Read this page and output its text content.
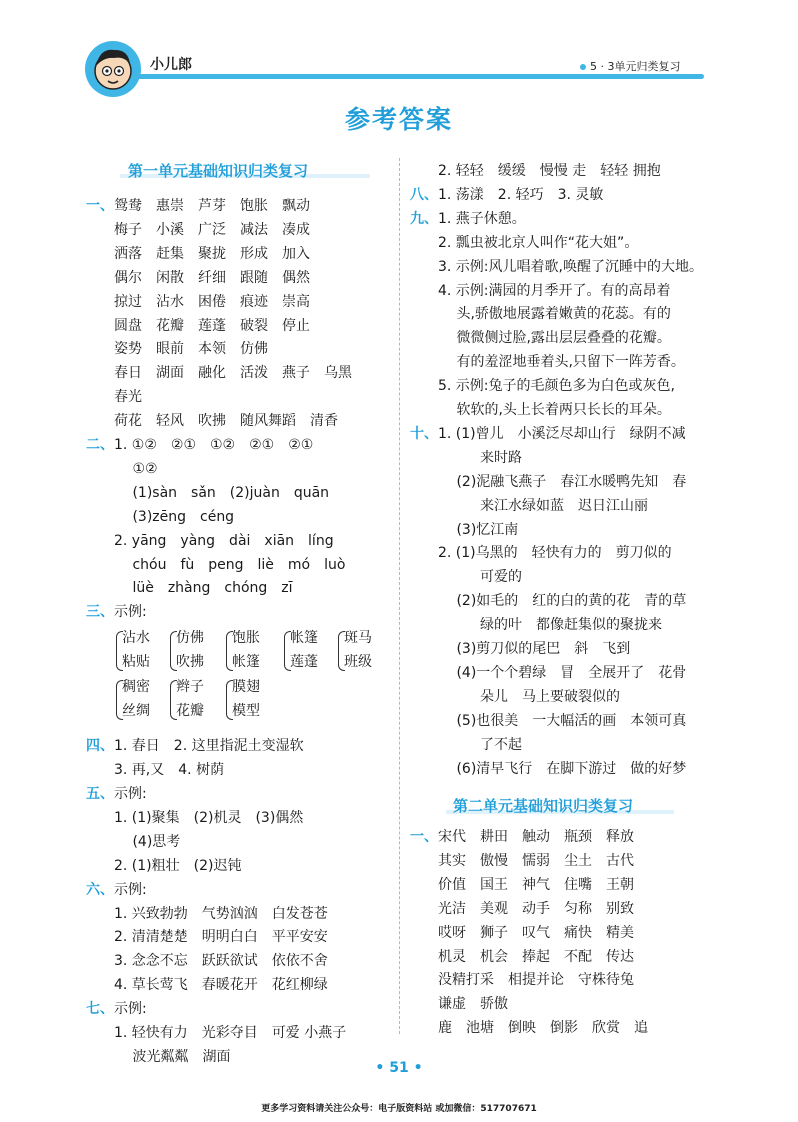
小儿郎	5 · 3单元归类复习
参考答案
第一单元基础知识归类复习
第二单元基础知识归类复习
一、 鸳鸯　惠崇　芦芽　饱胀　飘动
梅子　小溪　广泛　减法　凑成
洒落　赶集　聚拢　形成　加入
偶尔　闲散　纤细　跟随　偶然
掠过　沾水　困倦　痕迹　崇高
圆盘　花瓣　莲蓬　破裂　停止
姿势　眼前　本领　仿佛
春日　湖面　融化　活泼　燕子　乌黑
春光
荷花　轻风　吹拂　随风舞蹈　清香
二、 1. ①②　②①　①②　②①　②①
　 ①②
　 (1)sàn　sǎn　(2)juàn　quān
　 (3)zēng　céng
2. yāng　yàng　dài　xiān　líng
　 chóu　fù　peng　liè　mó　luò
　 lüè　zhàng　chóng　zī
三、 示例:
四、 1. 春日　2. 这里指泥土变湿软
3. 再,又　4. 树荫
五、 示例:
1. (1)聚集　(2)机灵　(3)偶然
　 (4)思考
2. (1)粗壮　(2)迟钝
六、 示例:
1. 兴致勃勃　气势汹汹　白发苍苍
2. 清清楚楚　明明白白　平平安安
3. 念念不忘　跃跃欲试　依依不舍
4. 草长莺飞　春暖花开　花红柳绿
七、 示例:
1. 轻快有力　光彩夺目　可爱 小燕子
　 波光粼粼　湖面
沾水
粘贴
仿佛
吹拂
饱胀
帐篷
帐篷
莲蓬
斑马
班级
稠密
丝绸
辫子
花瓣
膜翅
模型
2. 轻轻　缓缓　慢慢 走　轻轻 拥抱
八、 1. 荡漾　2. 轻巧　3. 灵敏
九、 1. 燕子休憩。
2. 瓢虫被北京人叫作“花大姐”。
3. 示例:风儿唱着歌,唤醒了沉睡中的大地。
4. 示例:满园的月季开了。有的高昂着
　 头,骄傲地展露着嫩黄的花蕊。有的
　 微微侧过脸,露出层层叠叠的花瓣。
　 有的羞涩地垂着头,只留下一阵芳香。
5. 示例:兔子的毛颜色多为白色或灰色,
　 软软的,头上长着两只长长的耳朵。
十、 1. (1)曾儿　小溪泛尽却山行　绿阴不减
　　　来时路
　 (2)泥融飞燕子　春江水暖鸭先知　春
　　　来江水绿如蓝　迟日江山丽
　 (3)忆江南
2. (1)乌黑的　轻快有力的　剪刀似的
　　　可爱的
　 (2)如毛的　红的白的黄的花　青的草
　　　绿的叶　都像赶集似的聚拢来
　 (3)剪刀似的尾巴　斜　飞到
　 (4)一个个碧绿　冒　全展开了　花骨
　　　朵儿　马上要破裂似的
　 (5)也很美　一大幅活的画　本领可真
　　　了不起
　 (6)清早飞行　在脚下游过　做的好梦
一、 宋代　耕田　触动　瓶颈　释放
其实　傲慢　懦弱　尘土　古代
价值　国王　神气　住嘴　王朝
光洁　美观　动手　匀称　别致
哎呀　狮子　叹气　痛快　精美
机灵　机会　捧起　不配　传达
没精打采　相提并论　守株待兔
谦虚　骄傲
鹿　池塘　倒映　倒影　欣赏　追
• 51 •
更多学习资料请关注公众号：电子版资料站 或加微信：517707671
